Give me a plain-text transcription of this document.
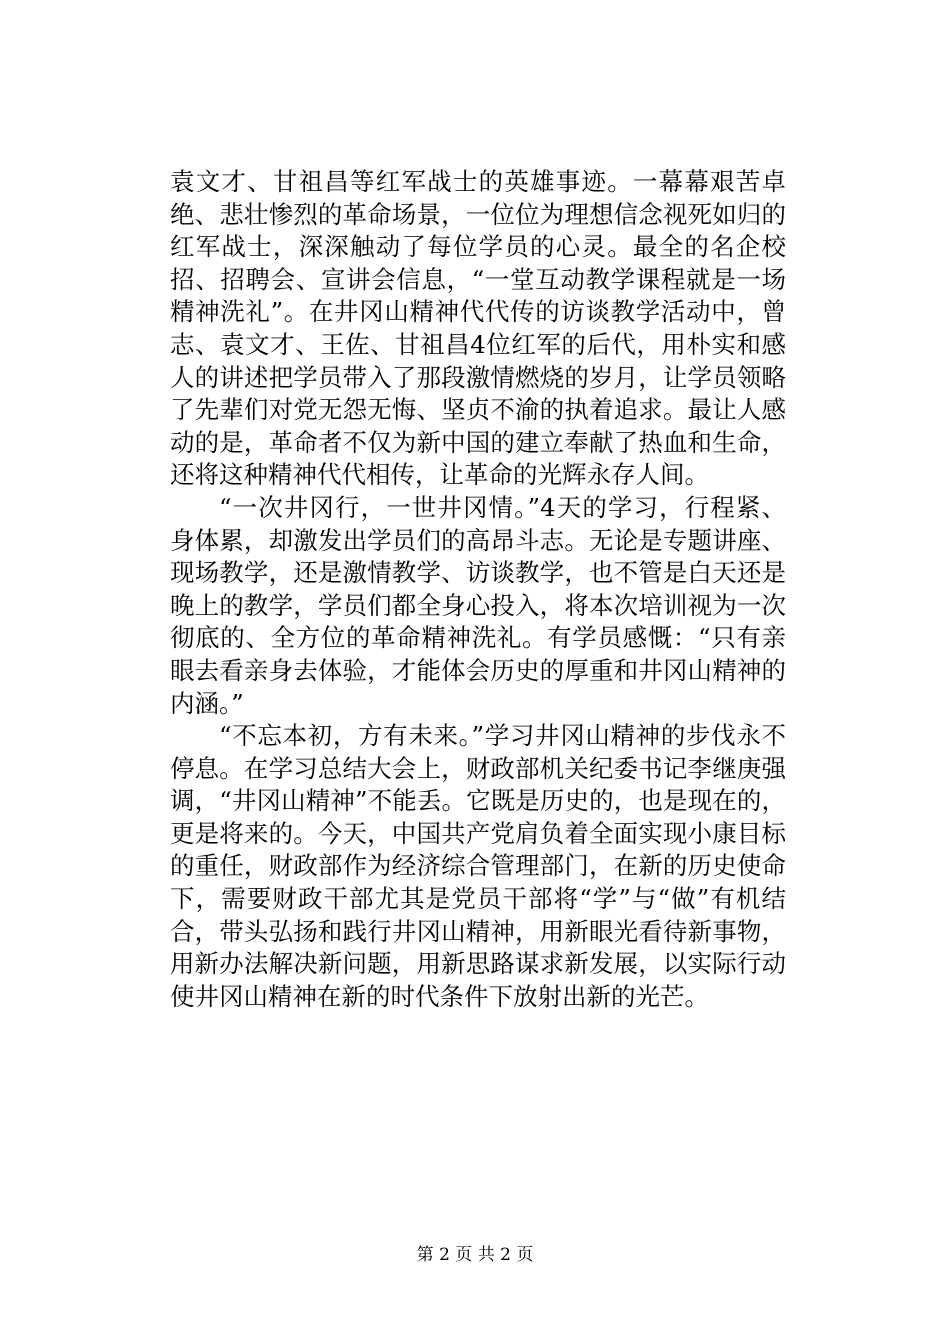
袁文才、甘祖昌等红军战士的英雄事迹。一幕幕艰苦卓绝、悲壮惨烈的革命场景，一位位为理想信念视死如归的红军战士，深深触动了每位学员的心灵。最全的名企校招、招聘会、宣讲会信息，“一堂互动教学课程就是一场精神洗礼”。在井冈山精神代代传的访谈教学活动中，曾志、袁文才、王佐、甘祖昌4位红军的后代，用朴实和感人的讲述把学员带入了那段激情燃烧的岁月，让学员领略了先辈们对党无怨无悔、坚贞不渝的执着追求。最让人感动的是，革命者不仅为新中国的建立奉献了热血和生命，还将这种精神代代相传，让革命的光辉永存人间。

“一次井冈行，一世井冈情。”4天的学习，行程紧、身体累，却激发出学员们的高昂斗志。无论是专题讲座、现场教学，还是激情教学、访谈教学，也不管是白天还是晚上的教学，学员们都全身心投入，将本次培训视为一次彻底的、全方位的革命精神洗礼。有学员感慨：“只有亲眼去看亲身去体验，才能体会历史的厚重和井冈山精神的内涵。”

“不忘本初，方有未来。”学习井冈山精神的步伐永不停息。在学习总结大会上，财政部机关纪委书记李继庚强调，“井冈山精神”不能丢。它既是历史的，也是现在的，更是将来的。今天，中国共产党肩负着全面实现小康目标的重任，财政部作为经济综合管理部门，在新的历史使命下，需要财政干部尤其是党员干部将“学”与“做”有机结合，带头弘扬和践行井冈山精神，用新眼光看待新事物，用新办法解决新问题，用新思路谋求新发展，以实际行动使井冈山精神在新的时代条件下放射出新的光芒。

第 2 页 共 2 页
